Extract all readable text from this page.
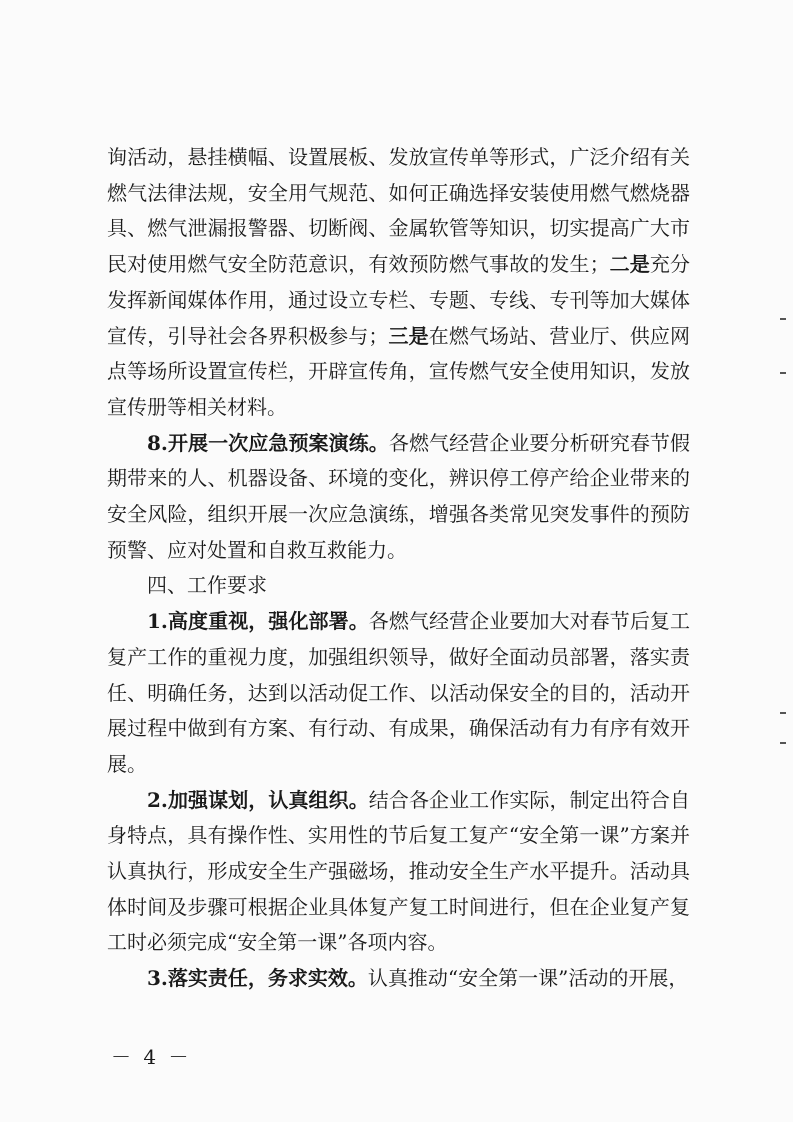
询活动，悬挂横幅、设置展板、发放宣传单等形式，广泛介绍有关燃气法律法规，安全用气规范、如何正确选择安装使用燃气燃烧器具、燃气泄漏报警器、切断阀、金属软管等知识，切实提高广大市民对使用燃气安全防范意识，有效预防燃气事故的发生；二是充分发挥新闻媒体作用，通过设立专栏、专题、专线、专刊等加大媒体宣传，引导社会各界积极参与；三是在燃气场站、营业厅、供应网点等场所设置宣传栏，开辟宣传角，宣传燃气安全使用知识，发放宣传册等相关材料。

8.开展一次应急预案演练。各燃气经营企业要分析研究春节假期带来的人、机器设备、环境的变化，辨识停工停产给企业带来的安全风险，组织开展一次应急演练，增强各类常见突发事件的预防预警、应对处置和自救互救能力。

四、工作要求

1.高度重视，强化部署。各燃气经营企业要加大对春节后复工复产工作的重视力度，加强组织领导，做好全面动员部署，落实责任、明确任务，达到以活动促工作、以活动保安全的目的，活动开展过程中做到有方案、有行动、有成果，确保活动有力有序有效开展。

2.加强谋划，认真组织。结合各企业工作实际，制定出符合自身特点，具有操作性、实用性的节后复工复产“安全第一课”方案并认真执行，形成安全生产强磁场，推动安全生产水平提升。活动具体时间及步骤可根据企业具体复产复工时间进行，但在企业复产复工时必须完成“安全第一课”各项内容。

3.落实责任，务求实效。认真推动“安全第一课”活动的开展，

－ 4 －
